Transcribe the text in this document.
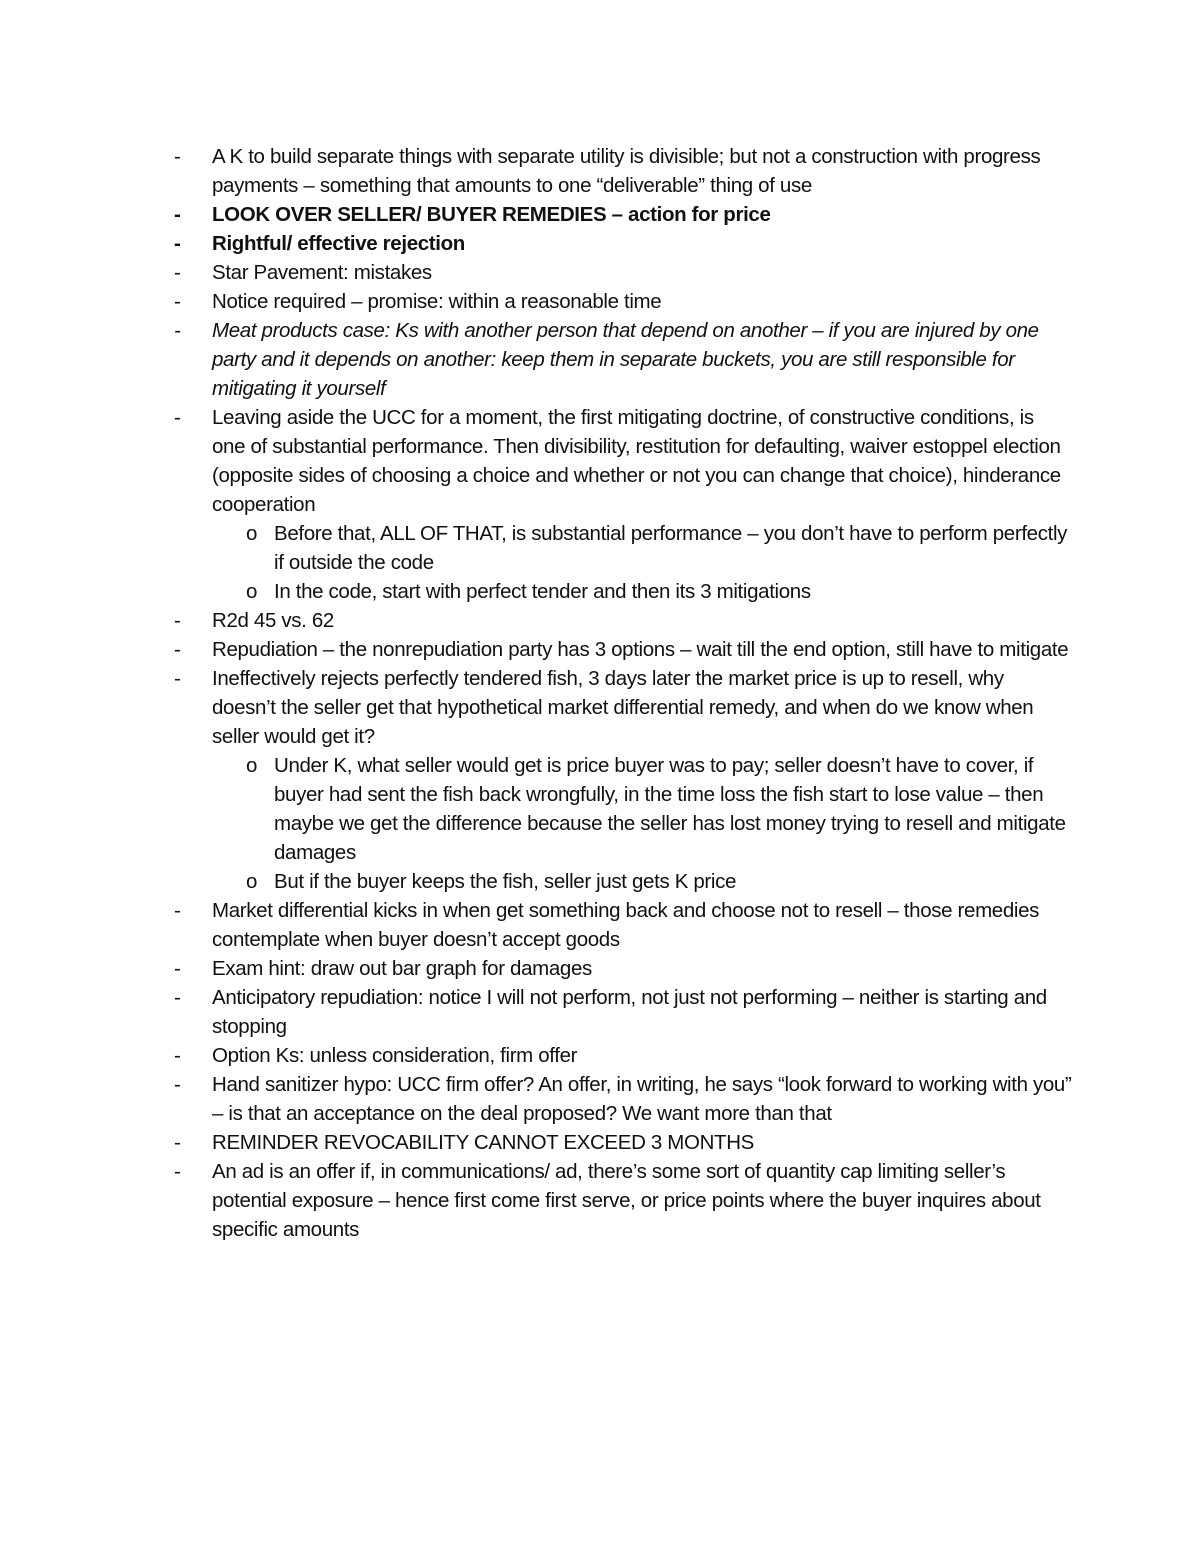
- A K to build separate things with separate utility is divisible; but not a construction with progress payments – something that amounts to one “deliverable” thing of use
- LOOK OVER SELLER/ BUYER REMEDIES – action for price
- Rightful/ effective rejection
- Star Pavement: mistakes
- Notice required – promise: within a reasonable time
- Meat products case: Ks with another person that depend on another – if you are injured by one party and it depends on another: keep them in separate buckets, you are still responsible for mitigating it yourself
- Leaving aside the UCC for a moment, the first mitigating doctrine, of constructive conditions, is one of substantial performance. Then divisibility, restitution for defaulting, waiver estoppel election (opposite sides of choosing a choice and whether or not you can change that choice), hinderance cooperation
o Before that, ALL OF THAT, is substantial performance – you don’t have to perform perfectly if outside the code
o In the code, start with perfect tender and then its 3 mitigations
- R2d 45 vs. 62
- Repudiation – the nonrepudiation party has 3 options – wait till the end option, still have to mitigate
- Ineffectively rejects perfectly tendered fish, 3 days later the market price is up to resell, why doesn’t the seller get that hypothetical market differential remedy, and when do we know when seller would get it?
o Under K, what seller would get is price buyer was to pay; seller doesn’t have to cover, if buyer had sent the fish back wrongfully, in the time loss the fish start to lose value – then maybe we get the difference because the seller has lost money trying to resell and mitigate damages
o But if the buyer keeps the fish, seller just gets K price
- Market differential kicks in when get something back and choose not to resell – those remedies contemplate when buyer doesn’t accept goods
- Exam hint: draw out bar graph for damages
- Anticipatory repudiation: notice I will not perform, not just not performing – neither is starting and stopping
- Option Ks: unless consideration, firm offer
- Hand sanitizer hypo: UCC firm offer? An offer, in writing, he says “look forward to working with you” – is that an acceptance on the deal proposed? We want more than that
- REMINDER REVOCABILITY CANNOT EXCEED 3 MONTHS
- An ad is an offer if, in communications/ ad, there’s some sort of quantity cap limiting seller’s potential exposure – hence first come first serve, or price points where the buyer inquires about specific amounts
